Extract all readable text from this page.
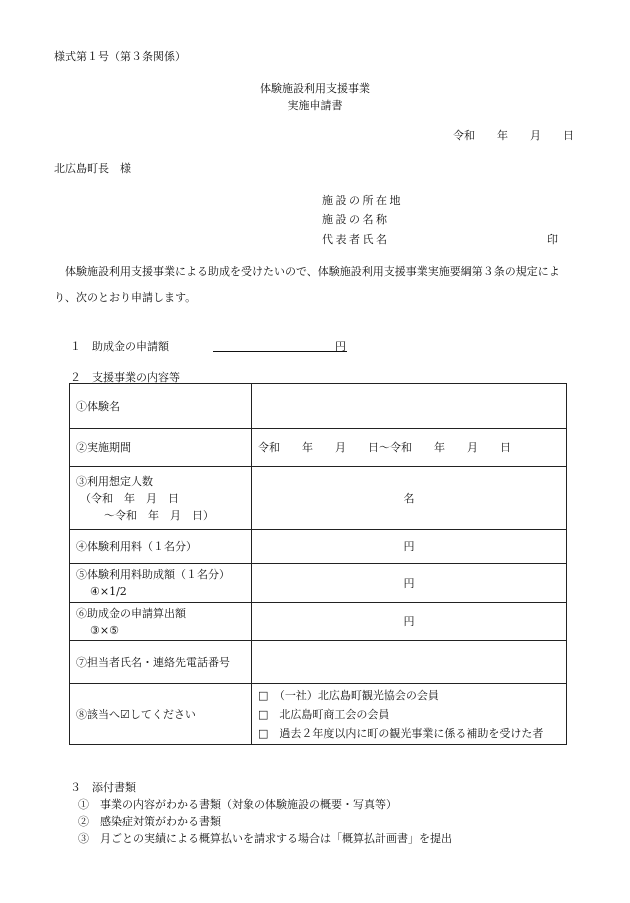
様式第１号（第３条関係）
体験施設利用支援事業
実施申請書
令和　　年　　月　　日
北広島町長　様
施設の所在地
施設の名称
代表者氏名	印
体験施設利用支援事業による助成を受けたいので、体験施設利用支援事業実施要綱第３条の規定により、次のとおり申請します。
１　助成金の申請額	円
２　支援事業の内容等
①体験名	
②実施期間	令和　　年　　月　　日～令和　　年　　月　　日

③利用想定人数
（令和　年　月　日
～令和　年　月　日）	名
④体験利用料（１名分）	円

⑤体験利用料助成額（１名分）
④×1/2	円

⑥助成金の申請算出額
③×⑤	円
⑦担当者氏名・連絡先電話番号	
⑧該当へ☑してください	□　（一社）北広島町観光協会の会員
□　北広島町商工会の会員
□　過去２年度以内に町の観光事業に係る補助を受けた者
３　添付書類
①　事業の内容がわかる書類（対象の体験施設の概要・写真等）
②　感染症対策がわかる書類
③　月ごとの実績による概算払いを請求する場合は「概算払計画書」を提出
